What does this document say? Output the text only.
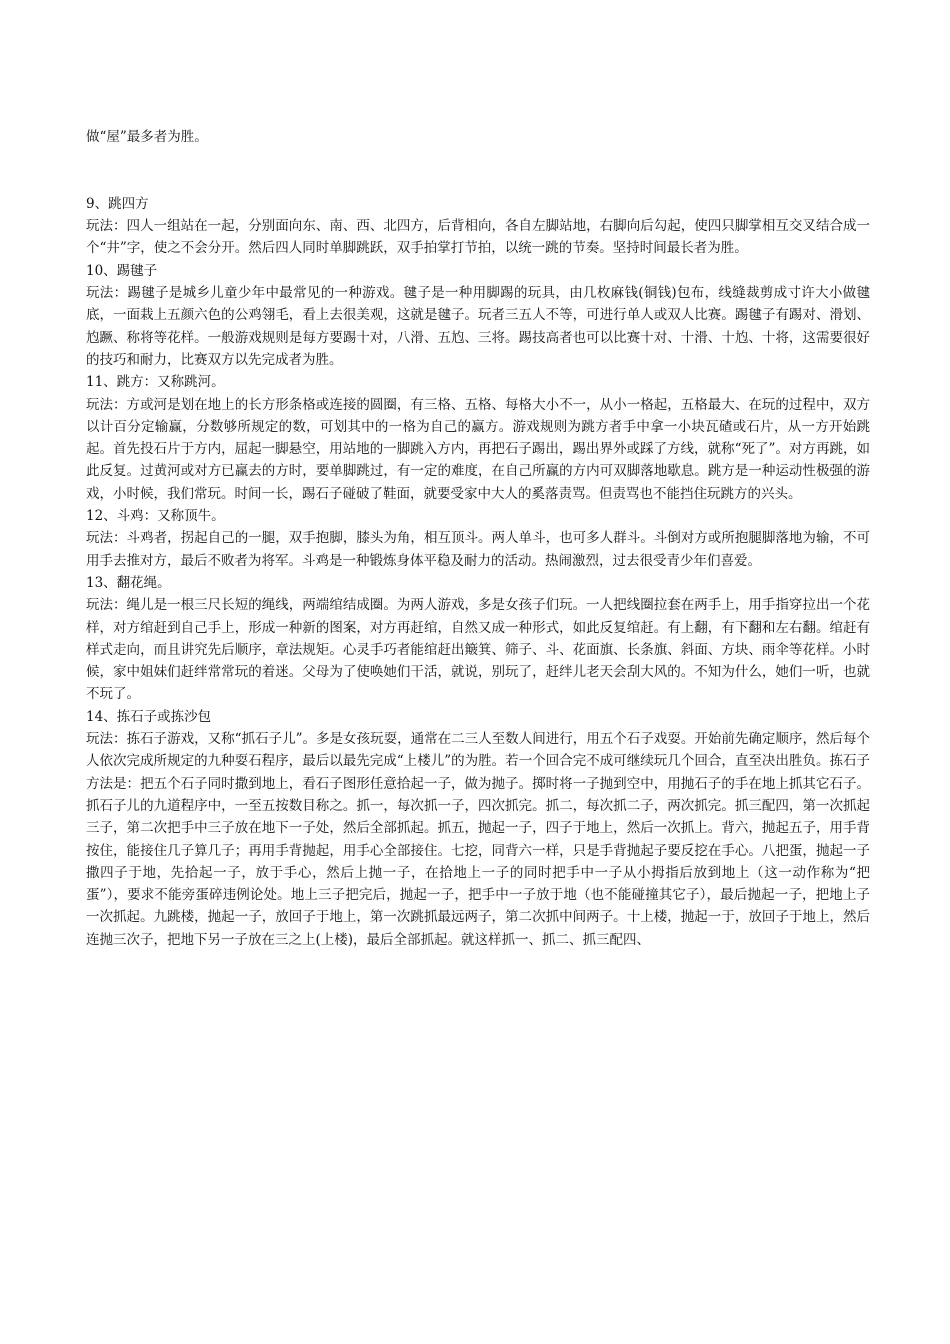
做“屋”最多者为胜。

9、跳四方

玩法：四人一组站在一起，分别面向东、南、西、北四方，后背相向，各自左脚站地，右脚向后勾起，使四只脚掌相互交叉结合成一个“井”字，使之不会分开。然后四人同时单脚跳跃，双手拍掌打节拍，以统一跳的节奏。坚持时间最长者为胜。

10、踢毽子

玩法：踢毽子是城乡儿童少年中最常见的一种游戏。毽子是一种用脚踢的玩具，由几枚麻钱(铜钱)包布，线缝裁剪成寸许大小做毽底，一面栽上五颜六色的公鸡翎毛，看上去很美观，这就是毽子。玩者三五人不等，可进行单人或双人比赛。踢毽子有踢对、滑划、尥蹶、称将等花样。一般游戏规则是每方要踢十对，八滑、五尥、三将。踢技高者也可以比赛十对、十滑、十尥、十将，这需要很好的技巧和耐力，比赛双方以先完成者为胜。

11、跳方：又称跳河。

玩法：方或河是划在地上的长方形条格或连接的圆圈，有三格、五格、每格大小不一，从小一格起，五格最大、在玩的过程中，双方以计百分定输赢，分数够所规定的数，可划其中的一格为自己的赢方。游戏规则为跳方者手中拿一小块瓦碴或石片，从一方开始跳起。首先投石片于方内，屈起一脚悬空，用站地的一脚跳入方内，再把石子踢出，踢出界外或踩了方线，就称“死了”。对方再跳，如此反复。过黄河或对方已赢去的方时，要单脚跳过，有一定的难度，在自己所赢的方内可双脚落地歇息。跳方是一种运动性极强的游戏，小时候，我们常玩。时间一长，踢石子碰破了鞋面，就要受家中大人的奚落责骂。但责骂也不能挡住玩跳方的兴头。

12、斗鸡：又称顶牛。

玩法：斗鸡者，拐起自己的一腿，双手抱脚，膝头为角，相互顶斗。两人单斗，也可多人群斗。斗倒对方或所抱腿脚落地为输，不可用手去推对方，最后不败者为将军。斗鸡是一种锻炼身体平稳及耐力的活动。热闹激烈，过去很受青少年们喜爱。

13、翻花绳。

玩法：绳儿是一根三尺长短的绳线，两端绾结成圈。为两人游戏，多是女孩子们玩。一人把线圈拉套在两手上，用手指穿拉出一个花样，对方绾赶到自己手上，形成一种新的图案，对方再赶绾，自然又成一种形式，如此反复绾赶。有上翻，有下翻和左右翻。绾赶有样式走向，而且讲究先后顺序，章法规矩。心灵手巧者能绾赶出簸箕、筛子、斗、花面旗、长条旗、斜面、方块、雨伞等花样。小时候，家中姐妹们赶绊常常玩的着迷。父母为了使唤她们干活，就说，别玩了，赶绊儿老天会刮大风的。不知为什么，她们一听，也就不玩了。

14、拣石子或拣沙包

玩法：拣石子游戏，又称“抓石子儿”。多是女孩玩耍，通常在二三人至数人间进行，用五个石子戏耍。开始前先确定顺序，然后每个人依次完成所规定的九种耍石程序，最后以最先完成“上楼儿”的为胜。若一个回合完不成可继续玩几个回合，直至决出胜负。拣石子方法是：把五个石子同时撒到地上，看石子图形任意拾起一子，做为抛子。掷时将一子抛到空中，用抛石子的手在地上抓其它石子。抓石子儿的九道程序中，一至五按数目称之。抓一，每次抓一子，四次抓完。抓二，每次抓二子，两次抓完。抓三配四，第一次抓起三子，第二次把手中三子放在地下一子处，然后全部抓起。抓五，抛起一子，四子于地上，然后一次抓上。背六，抛起五子，用手背按住，能接住几子算几子；再用手背抛起，用手心全部接住。七挖，同背六一样，只是手背抛起子要反挖在手心。八把蛋，抛起一子撒四子于地，先拾起一子，放于手心，然后上抛一子，在拾地上一子的同时把手中一子从小拇指后放到地上（这一动作称为“把蛋”），要求不能旁蛋碎违例论处。地上三子把完后，抛起一子，把手中一子放于地（也不能碰撞其它子），最后抛起一子，把地上子一次抓起。九跳楼，抛起一子，放回子于地上，第一次跳抓最远两子，第二次抓中间两子。十上楼，抛起一于，放回子于地上，然后连抛三次子，把地下另一子放在三之上(上楼)，最后全部抓起。就这样抓一、抓二、抓三配四、
